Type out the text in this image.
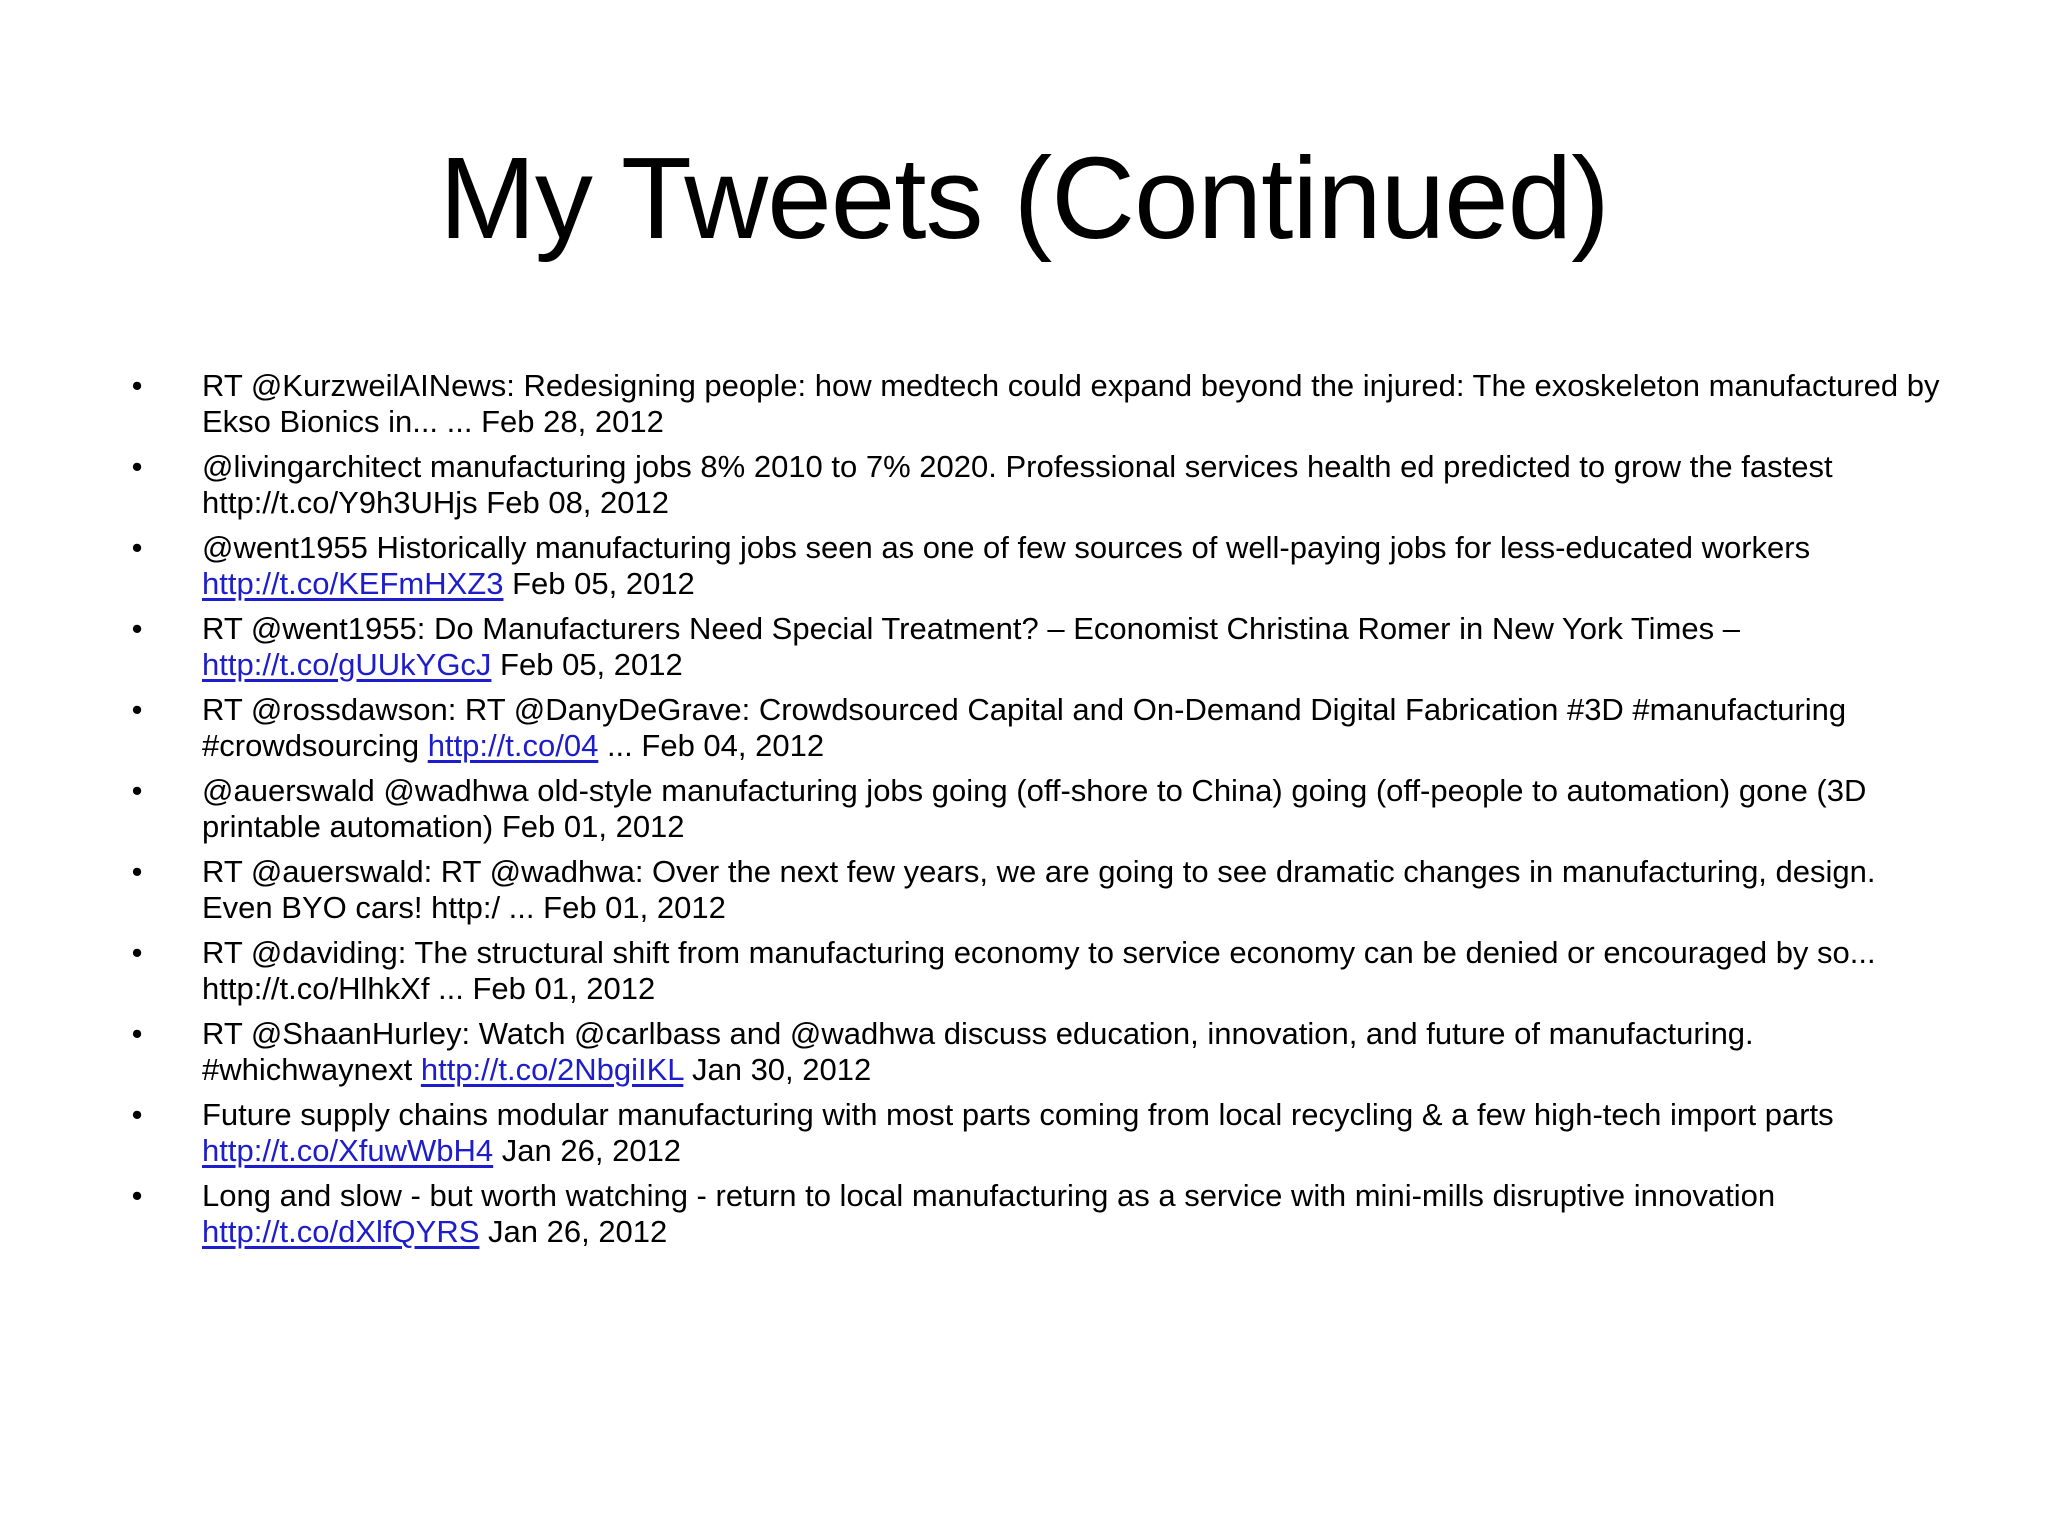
My Tweets (Continued)
•	RT @KurzweilAINews: Redesigning people: how medtech could expand beyond the injured: The exoskeleton manufactured by Ekso Bionics in... ... Feb 28, 2012
•	@livingarchitect manufacturing jobs 8% 2010 to 7% 2020. Professional services health ed predicted to grow the fastest http://t.co/Y9h3UHjs Feb 08, 2012
•	@went1955 Historically manufacturing jobs seen as one of few sources of well-paying jobs for less-educated workers http://t.co/KEFmHXZ3 Feb 05, 2012
•	RT @went1955: Do Manufacturers Need Special Treatment? – Economist Christina Romer in New York Times – http://t.co/gUUkYGcJ Feb 05, 2012
•	RT @rossdawson: RT @DanyDeGrave: Crowdsourced Capital and On-Demand Digital Fabrication #3D #manufacturing #crowdsourcing http://t.co/04 ... Feb 04, 2012
•	@auerswald @wadhwa old-style manufacturing jobs going (off-shore to China) going (off-people to automation) gone (3D printable automation) Feb 01, 2012
•	RT @auerswald: RT @wadhwa: Over the next few years, we are going to see dramatic changes in manufacturing, design. Even BYO cars! http:/ ... Feb 01, 2012
•	RT @daviding: The structural shift from manufacturing economy to service economy can be denied or encouraged by so... http://t.co/HlhkXf ... Feb 01, 2012
•	RT @ShaanHurley: Watch @carlbass and @wadhwa discuss education, innovation, and future of manufacturing. #whichwaynext http://t.co/2NbgiIKL Jan 30, 2012
•	Future supply chains modular manufacturing with most parts coming from local recycling & a few high-tech import parts http://t.co/XfuwWbH4 Jan 26, 2012
•	Long and slow - but worth watching - return to local manufacturing as a service with mini-mills disruptive innovation http://t.co/dXlfQYRS Jan 26, 2012
